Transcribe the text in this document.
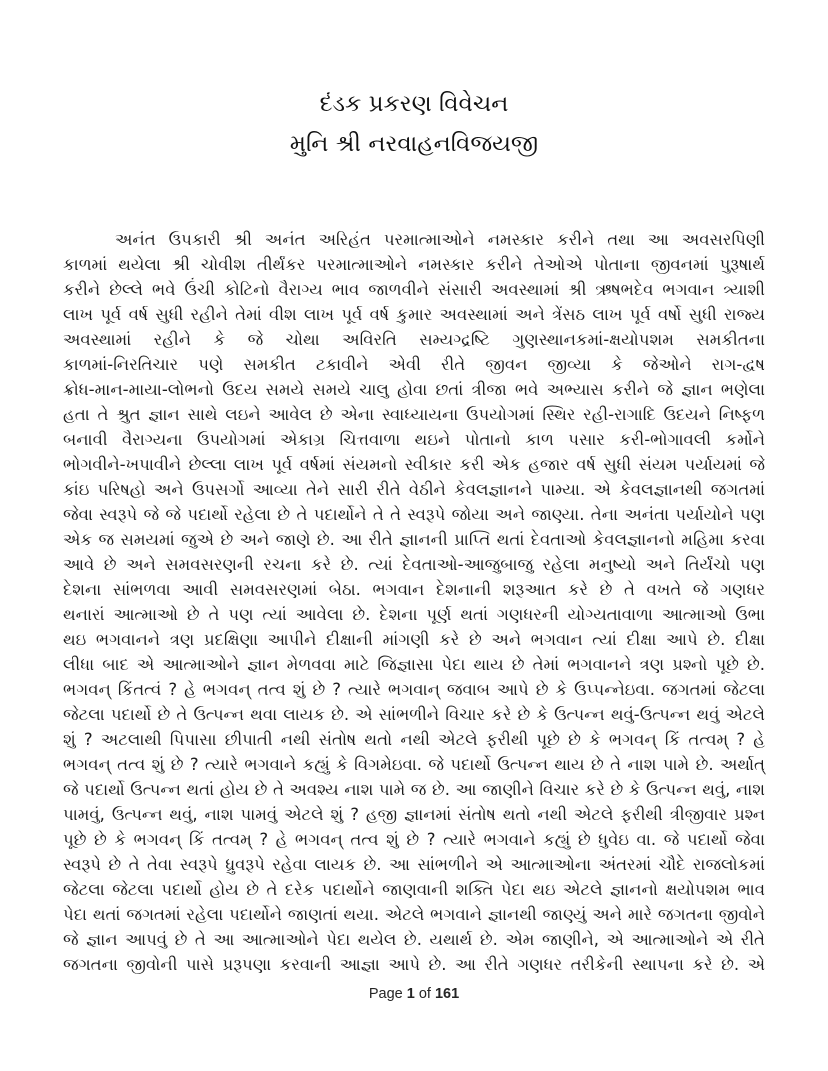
દંડક પ્રકરણ વિવેચન
મુનિ શ્રી નરવાહનવિજયજી
અનંત ઉપકારી શ્રી અનંત અરિહંત પરમાત્માઓને નમસ્કાર કરીને તથા આ અવસરપિણી
કાળમાં થયેલા શ્રી ચોવીશ તીર્થંકર પરમાત્માઓને નમસ્કાર કરીને તેઓએ પોતાના જીવનમાં પુરૂષાર્થ
કરીને છેલ્લે ભવે ઉંચી કોટિનો વૈરાગ્ય ભાવ જાળવીને સંસારી અવસ્થામાં શ્રી ઋષભદેવ ભગવાન ત્ર્યાશી
લાખ પૂર્વ વર્ષ સુધી રહીને તેમાં વીશ લાખ પૂર્વ વર્ષ કુમાર અવસ્થામાં અને ત્રેંસઠ લાખ પૂર્વ વર્ષો સુધી રાજ્ય
અવસ્થામાં રહીને કે જે ચોથા અવિરતિ સમ્યગ્દ્રષ્ટિ ગુણસ્થાનકમાં-ક્ષયોપશમ સમકીતના
કાળમાં-નિરતિચાર પણે સમકીત ટકાવીને એવી રીતે જીવન જીવ્યા કે જેઓને રાગ-દ્વષ
ક્રોધ-માન-માયા-લોભનો ઉદય સમયે સમયે ચાલુ હોવા છતાં ત્રીજા ભવે અભ્યાસ કરીને જે જ્ઞાન ભણેલા
હતા તે શ્રુત જ્ઞાન સાથે લઇને આવેલ છે એના સ્વાધ્યાયના ઉપયોગમાં સ્થિર રહી-રાગાદિ ઉદયને નિષ્ફળ
બનાવી વૈરાગ્યના ઉપયોગમાં એકાગ્ર ચિત્તવાળા થઇને પોતાનો કાળ પસાર કરી-ભોગાવલી કર્મોને
ભોગવીને-ખપાવીને છેલ્લા લાખ પૂર્વ વર્ષમાં સંયમનો સ્વીકાર કરી એક હજાર વર્ષ સુધી સંયમ પર્યાયમાં જે
કાંઇ પરિષહો અને ઉપસર્ગો આવ્યા તેને સારી રીતે વેઠીને કેવલજ્ઞાનને પામ્યા. એ કેવલજ્ઞાનથી જગતમાં
જેવા સ્વરૂપે જે જે પદાર્થો રહેલા છે તે પદાર્થોને તે તે સ્વરૂપે જોયા અને જાણ્યા. તેના અનંતા પર્યાયોને પણ
એક જ સમયમાં જુએ છે અને જાણે છે. આ રીતે જ્ઞાનની પ્રાપ્તિ થતાં દેવતાઓ કેવલજ્ઞાનનો મહિમા કરવા
આવે છે અને સમવસરણની રચના કરે છે. ત્યાં દેવતાઓ-આજુબાજુ રહેલા મનુષ્યો અને તિર્યંચો પણ
દેશના સાંભળવા આવી સમવસરણમાં બેઠા. ભગવાન દેશનાની શરૂઆત કરે છે તે વખતે જે ગણધર
થનારાં આત્માઓ છે તે પણ ત્યાં આવેલા છે. દેશના પૂર્ણ થતાં ગણધરની યોગ્યતાવાળા આત્માઓ ઉભા
થઇ ભગવાનને ત્રણ પ્રદક્ષિણા આપીને દીક્ષાની માંગણી કરે છે અને ભગવાન ત્યાં દીક્ષા આપે છે. દીક્ષા
લીધા બાદ એ આત્માઓને જ્ઞાન મેળવવા માટે જિજ્ઞાસા પેદા થાય છે તેમાં ભગવાનને ત્રણ પ્રશ્નો પૂછે છે.
ભગવન્ કિંતત્વં ? હે ભગવન્ તત્વ શું છે ? ત્યારે ભગવાન્ જવાબ આપે છે કે ઉપ્પન્નેઇવા. જગતમાં જેટલા
જેટલા પદાર્થો છે તે ઉત્પન્ન થવા લાયક છે. એ સાંભળીને વિચાર કરે છે કે ઉત્પન્ન થવું-ઉત્પન્ન થવું એટલે
શું ? અટલાથી પિપાસા છીપાતી નથી સંતોષ થતો નથી એટલે ફરીથી પૂછે છે કે ભગવન્ કિં તત્વમ્ ? હે
ભગવન્ તત્વ શું છે ? ત્યારે ભગવાને કહ્યું કે વિગમેઇવા. જે પદાર્થો ઉત્પન્ન થાય છે તે નાશ પામે છે. અર્થાત્
જે પદાર્થો ઉત્પન્ન થતાં હોય છે તે અવશ્ય નાશ પામે જ છે. આ જાણીને વિચાર કરે છે કે ઉત્પન્ન થવું, નાશ
પામવું, ઉત્પન્ન થવું, નાશ પામવું એટલે શું ? હજી જ્ઞાનમાં સંતોષ થતો નથી એટલે ફરીથી ત્રીજીવાર પ્રશ્ન
પૂછે છે કે ભગવન્ કિં તત્વમ્ ? હે ભગવન્ તત્વ શું છે ? ત્યારે ભગવાને કહ્યું છે ધુવેઇ વા. જે પદાર્થો જેવા
સ્વરૂપે છે તે તેવા સ્વરૂપે ધ્રુવરૂપે રહેવા લાયક છે. આ સાંભળીને એ આત્માઓના અંતરમાં ચૌદે રાજલોકમાં
જેટલા જેટલા પદાર્થો હોય છે તે દરેક પદાર્થોને જાણવાની શક્તિ પેદા થઇ એટલે જ્ઞાનનો ક્ષયોપશમ ભાવ
પેદા થતાં જગતમાં રહેલા પદાર્થોને જાણતાં થયા. એટલે ભગવાને જ્ઞાનથી જાણ્યું અને મારે જગતના જીવોને
જે જ્ઞાન આપવું છે તે આ આત્માઓને પેદા થયેલ છે. યથાર્થ છે. એમ જાણીને, એ આત્માઓને એ રીતે
જગતના જીવોની પાસે પ્રરૂપણા કરવાની આજ્ઞા આપે છે. આ રીતે ગણધર તરીકેની સ્થાપના કરે છે. એ
Page 1 of 161
